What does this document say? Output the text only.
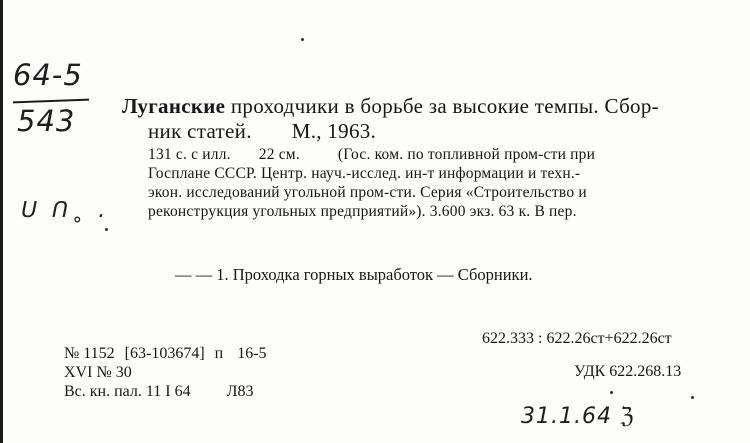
64-5
543
ᑌ ᑎ˳ .
Луганские проходчики в борьбе за высокие темпы. Сбор-
ник статей. М., 1963.
131 с. с илл. 22 см. (Гос. ком. по топливной пром-сти при
Госплане СССР. Центр. науч.-исслед. ин-т информации и техн.-
экон. исследований угольной пром-сти. Серия «Строительство и
реконструкция угольных предприятий»). 3.600 экз. 63 к. В пер.
— — 1. Проходка горных выработок — Сборники.
622.333 : 622.26ст+622.26ст
УДК 622.268.13
№ 1152 [63-103674] п 16-5
XVI № 30
Вс. кн. пал. 11 I 64 Л83
31.1.64 ℨ
